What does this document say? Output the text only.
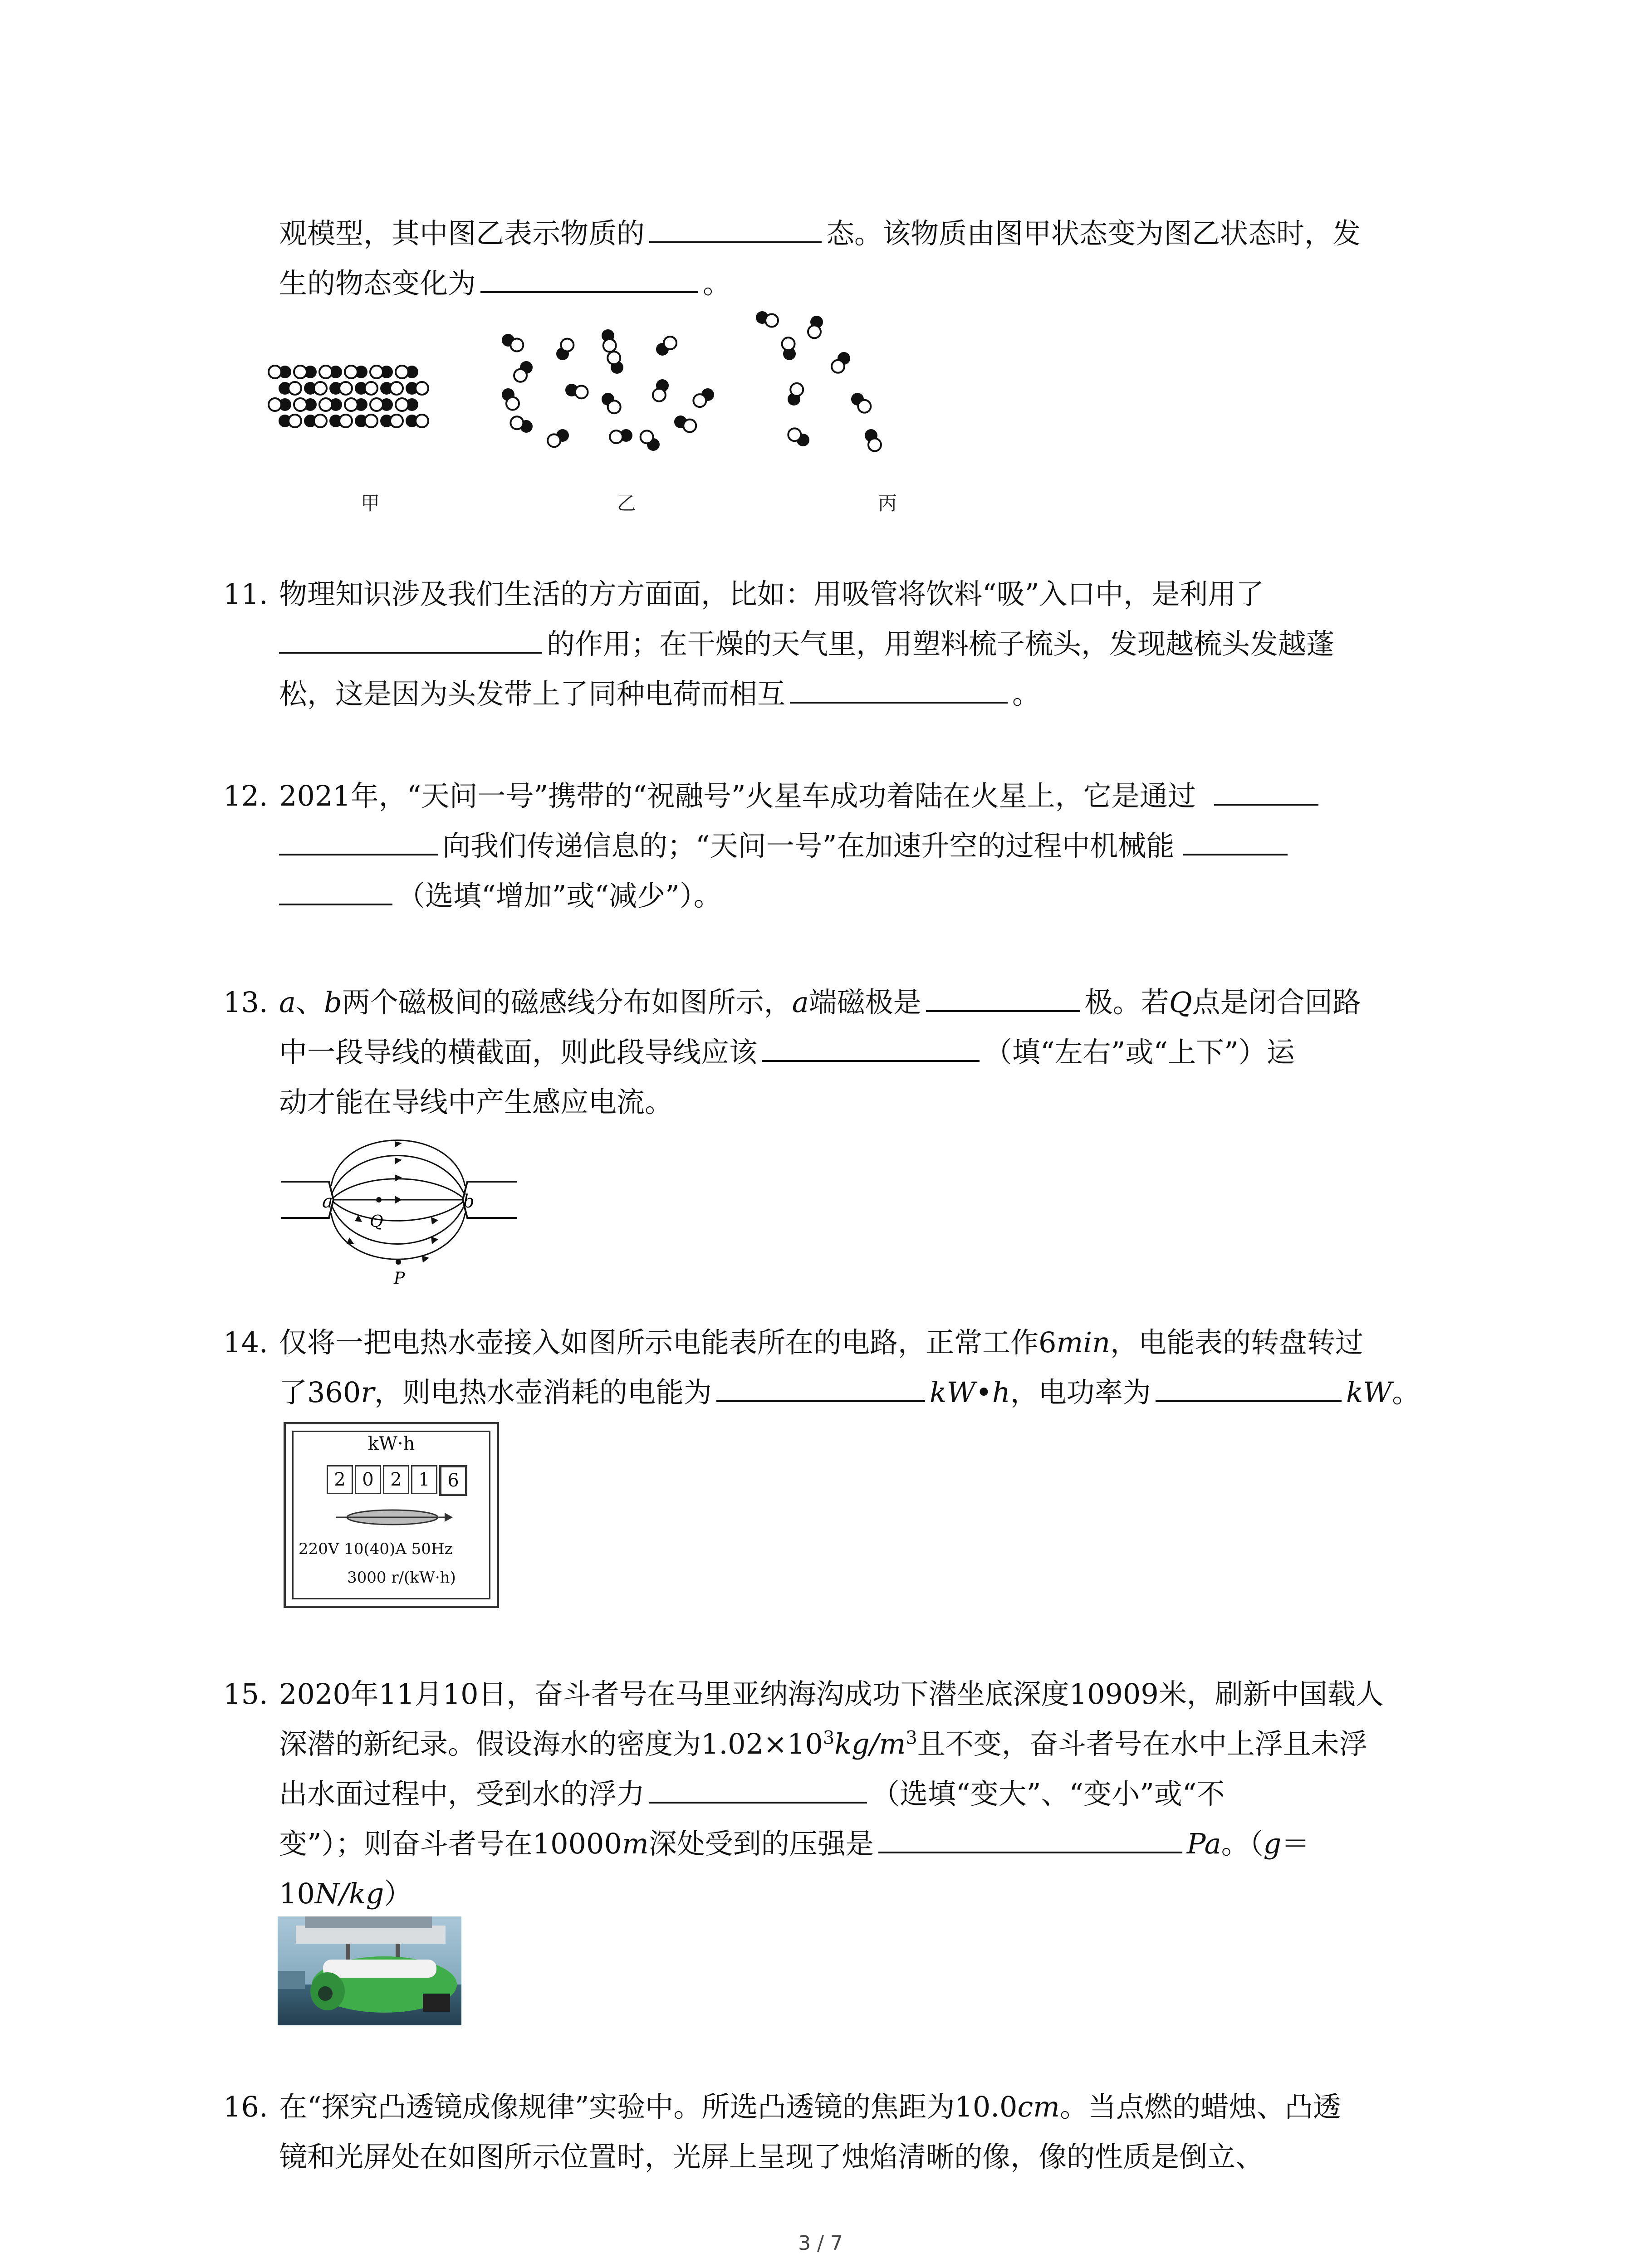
观模型，其中图乙表示物质的	态。该物质由图甲状态变为图乙状态时，发
生的物态变化为	。
甲	乙	丙
11. 物理知识涉及我们生活的方方面面，比如：用吸管将饮料“吸”入口中，是利用了
的作用；在干燥的天气里，用塑料梳子梳头，发现越梳头发越蓬
松，这是因为头发带上了同种电荷而相互	。
12. 2021年，“天问一号”携带的“祝融号”火星车成功着陆在火星上，它是通过
向我们传递信息的；“天问一号”在加速升空的过程中机械能
（选填“增加”或“减少”）。
13. a、b两个磁极间的磁感线分布如图所示，a端磁极是	极。若Q点是闭合回路
中一段导线的横截面，则此段导线应该	（填“左右”或“上下”）运
动才能在导线中产生感应电流。
a	b
Q
P
14. 仅将一把电热水壶接入如图所示电能表所在的电路，正常工作6min，电能表的转盘转过
了360r，则电热水壶消耗的电能为	kW•h，电功率为	kW。
kW·h
2 0 2 1 6
220V 10(40)A 50Hz
3000 r/(kW·h)
15. 2020年11月10日，奋斗者号在马里亚纳海沟成功下潜坐底深度10909米，刷新中国载人
深潜的新纪录。假设海水的密度为$1.02\times 10^3kg/m^3$且不变，奋斗者号在水中上浮且未浮
出水面过程中，受到水的浮力	（选填“变大”、“变小”或“不
变”）；则奋斗者号在10000m深处受到的压强是	Pa。（g＝
10N/kg）
16. 在“探究凸透镜成像规律”实验中。所选凸透镜的焦距为10.0cm。当点燃的蜡烛、凸透
镜和光屏处在如图所示位置时，光屏上呈现了烛焰清晰的像，像的性质是倒立、
3 / 7
